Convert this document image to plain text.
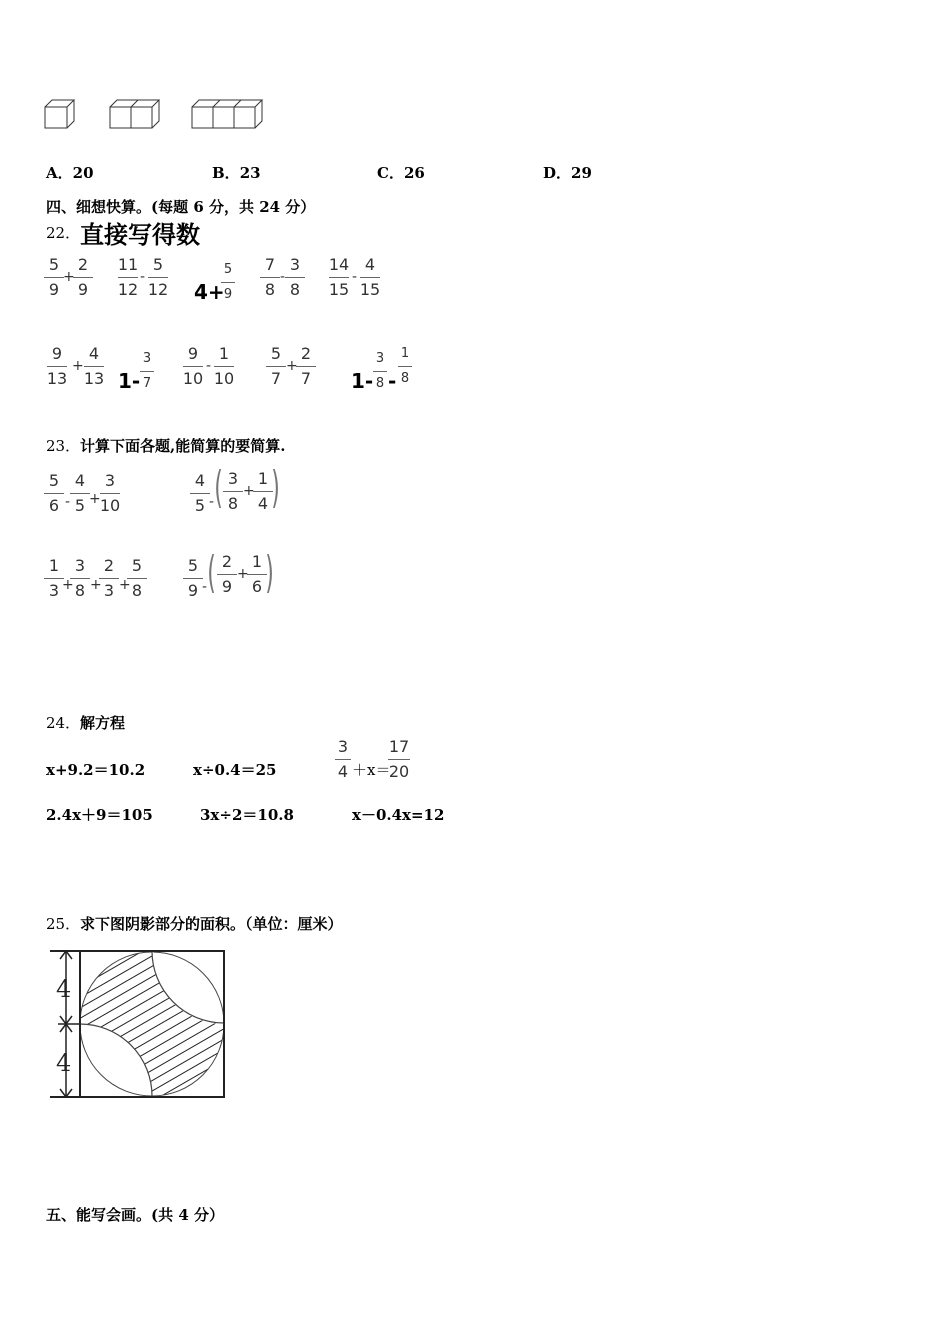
A．20	B．23	C．26	D．29
四、细想快算。(每题 6 分，共 24 分）
22． 直接写得数
5
9
+
2
9
11
12
-
5
12 4+
5
9
7
8
-
3
8
14
15
-
4
15
9
13
+
4
13 1-
3
7
9
10
-
1
10
5
7
+
2
7	1-
3
8 -
1
8
23． 计算下面各题,能简算的要简算.
5
6 -
4
5 +
3
10
4
5 - ( 3
8
+
1
4 )
1
3 +
3
8 +
2
3 +
5
8
5
9 - ( 2
9
+
1
6 )
24． 解方程
x+9.2＝10.2	x÷0.4＝25
3
4 ＋x＝
17
20
2.4x＋9＝105	3x÷2＝10.8	x－0.4x=12
25． 求下图阴影部分的面积。（单位：厘米）
4
4
五、能写会画。(共 4 分）
